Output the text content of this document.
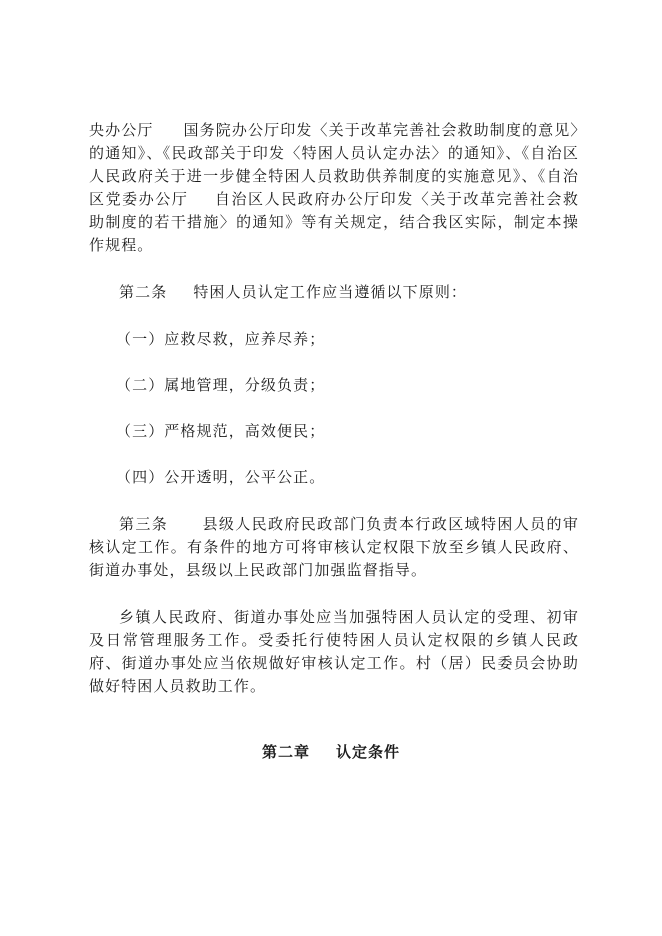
央办公厅 国务院办公厅印发〈关于改革完善社会救助制度的意见〉的通知》、《民政部关于印发〈特困人员认定办法〉的通知》、《自治区人民政府关于进一步健全特困人员救助供养制度的实施意见》、《自治区党委办公厅 自治区人民政府办公厅印发〈关于改革完善社会救助制度的若干措施〉的通知》等有关规定，结合我区实际，制定本操作规程。

第二条 特困人员认定工作应当遵循以下原则：

（一）应救尽救，应养尽养；

（二）属地管理，分级负责；

（三）严格规范，高效便民；

（四）公开透明，公平公正。

第三条 县级人民政府民政部门负责本行政区域特困人员的审核认定工作。有条件的地方可将审核认定权限下放至乡镇人民政府、街道办事处，县级以上民政部门加强监督指导。

乡镇人民政府、街道办事处应当加强特困人员认定的受理、初审及日常管理服务工作。受委托行使特困人员认定权限的乡镇人民政府、街道办事处应当依规做好审核认定工作。村（居）民委员会协助做好特困人员救助工作。

第二章 认定条件
